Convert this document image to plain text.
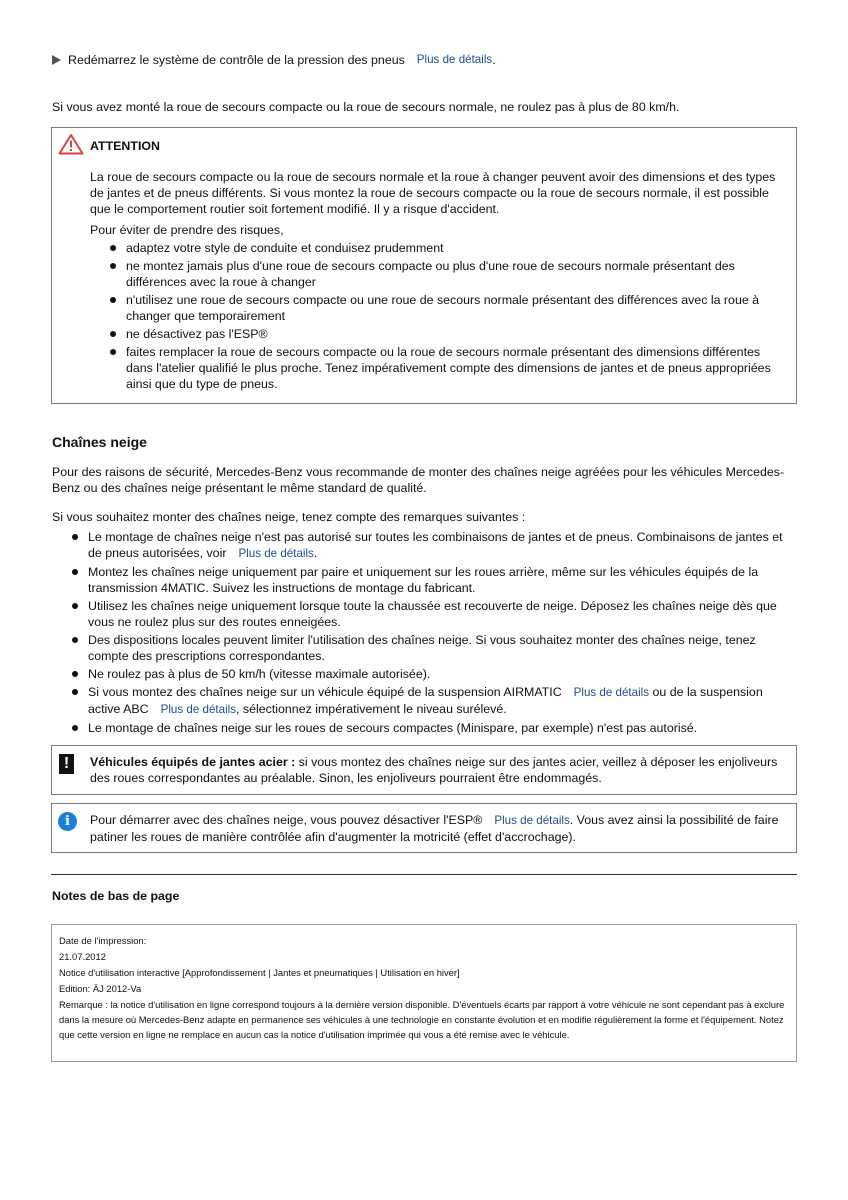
Redémarrez le système de contrôle de la pression des pneus Plus de détails .
Si vous avez monté la roue de secours compacte ou la roue de secours normale, ne roulez pas à plus de 80 km/h.
ATTENTION
La roue de secours compacte ou la roue de secours normale et la roue à changer peuvent avoir des dimensions et des types de jantes et de pneus différents. Si vous montez la roue de secours compacte ou la roue de secours normale, il est possible que le comportement routier soit fortement modifié. Il y a risque d'accident.
Pour éviter de prendre des risques,
adaptez votre style de conduite et conduisez prudemment
ne montez jamais plus d'une roue de secours compacte ou plus d'une roue de secours normale présentant des différences avec la roue à changer
n'utilisez une roue de secours compacte ou une roue de secours normale présentant des différences avec la roue à changer que temporairement
ne désactivez pas l'ESP®
faites remplacer la roue de secours compacte ou la roue de secours normale présentant des dimensions différentes dans l'atelier qualifié le plus proche. Tenez impérativement compte des dimensions de jantes et de pneus appropriées ainsi que du type de pneus.
Chaînes neige
Pour des raisons de sécurité, Mercedes-Benz vous recommande de monter des chaînes neige agréées pour les véhicules Mercedes-Benz ou des chaînes neige présentant le même standard de qualité.
Si vous souhaitez monter des chaînes neige, tenez compte des remarques suivantes :
Le montage de chaînes neige n'est pas autorisé sur toutes les combinaisons de jantes et de pneus. Combinaisons de jantes et de pneus autorisées, voir Plus de détails.
Montez les chaînes neige uniquement par paire et uniquement sur les roues arrière, même sur les véhicules équipés de la transmission 4MATIC. Suivez les instructions de montage du fabricant.
Utilisez les chaînes neige uniquement lorsque toute la chaussée est recouverte de neige. Déposez les chaînes neige dès que vous ne roulez plus sur des routes enneigées.
Des dispositions locales peuvent limiter l'utilisation des chaînes neige. Si vous souhaitez monter des chaînes neige, tenez compte des prescriptions correspondantes.
Ne roulez pas à plus de 50 km/h (vitesse maximale autorisée).
Si vous montez des chaînes neige sur un véhicule équipé de la suspension AIRMATIC Plus de détails ou de la suspension active ABC Plus de détails, sélectionnez impérativement le niveau surélevé.
Le montage de chaînes neige sur les roues de secours compactes (Minispare, par exemple) n'est pas autorisé.
!	Véhicules équipés de jantes acier : si vous montez des chaînes neige sur des jantes acier, veillez à déposer les enjoliveurs des roues correspondantes au préalable. Sinon, les enjoliveurs pourraient être endommagés.
i	Pour démarrer avec des chaînes neige, vous pouvez désactiver l'ESP® Plus de détails. Vous avez ainsi la possibilité de faire patiner les roues de manière contrôlée afin d'augmenter la motricité (effet d'accrochage).
Notes de bas de page
Date de l'impression:
21.07.2012
Notice d'utilisation interactive [Approfondissement | Jantes et pneumatiques | Utilisation en hiver]
Edition: ÄJ 2012-Va
Remarque : la notice d'utilisation en ligne correspond toujours à la dernière version disponible. D'éventuels écarts par rapport à votre véhicule ne sont cependant pas à exclure dans la mesure où Mercedes-Benz adapte en permanence ses véhicules à une technologie en constante évolution et en modifie régulièrement la forme et l'équipement. Notez que cette version en ligne ne remplace en aucun cas la notice d'utilisation imprimée qui vous a été remise avec le véhicule.
